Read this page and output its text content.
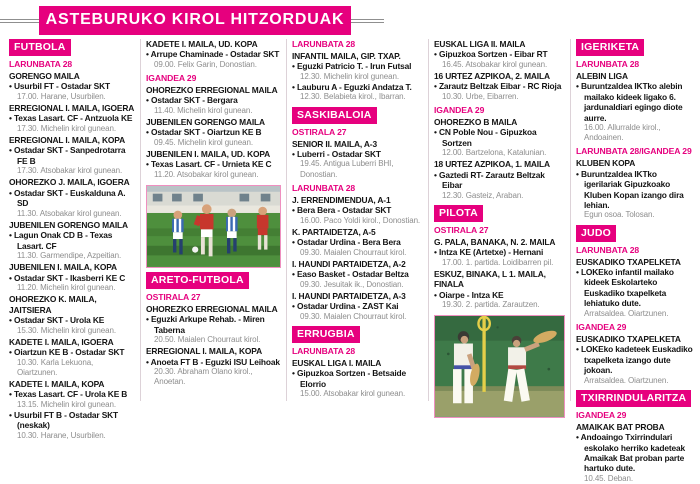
ASTEBURUKO KIROL HITZORDUAK
FUTBOLA
LARUNBATA 28
GORENGO MAILA
• Usurbil FT - Ostadar SKT
17.00. Harane, Usurbilen.
ERREGIONAL I. MAILA, IGOERA
• Texas Lasart. CF - Antzuola KE
17.30. Michelin kirol gunean.
ERREGIONAL I. MAILA, KOPA
• Ostadar SKT - Sanpedrotarra FE B
17.30. Atsobakar kirol gunean.
OHOREZKO J. MAILA, IGOERA
• Ostadar SKT - Euskalduna A. SD
11.30. Atsobakar kirol gunean.
JUBENILEN GORENGO MAILA
• Lagun Onak CD B - Texas Lasart. CF
11.30. Garmendipe, Azpeitian.
JUBENILEN I. MAILA, KOPA
• Ostadar SKT - Ikasberri KE C
11.20. Michelin kirol gunean.
OHOREZKO K. MAILA, JAITSIERA
• Ostadar SKT - Urola KE
15.30. Michelin kirol gunean.
KADETE I. MAILA, IGOERA
• Oiartzun KE B - Ostadar SKT
10.30. Karla Lekuona, Oiartzunen.
KADETE I. MAILA, KOPA
• Texas Lasart. CF - Urola KE B
13.15. Michelin kirol gunean.
• Usurbil FT B - Ostadar SKT (neskak)
10.30. Harane, Usurbilen.
KADETE I. MAILA, UD. KOPA
• Arrupe Chaminade - Ostadar SKT
09.00. Felix Garin, Donostian.
IGANDEA 29
OHOREZKO ERREGIONAL MAILA
• Ostadar SKT - Bergara
11.40. Michelin kirol gunean.
JUBENILEN GORENGO MAILA
• Ostadar SKT - Oiartzun KE B
09.45. Michelin kirol gunean.
JUBENILEN I. MAILA, UD. KOPA
• Texas Lasart. CF - Urnieta KE C
11.20. Atsobakar kirol gunean.
ARETO-FUTBOLA
OSTIRALA 27
OHOREZKO ERREGIONAL MAILA
• Eguzki Arkupe Rehab. - Miren Taberna
20.50. Maialen Chourraut kirol.
ERREGIONAL I. MAILA, KOPA
• Anoeta FT B - Eguzki ISU Leihoak
20.30. Abraham Olano kirol., Anoetan.
LARUNBATA 28
INFANTIL MAILA, GIP. TXAP.
• Eguzki Patricio T. - Irun Futsal
12.30. Michelin kirol gunean.
• Lauburu A - Eguzki Andatza T.
12.30. Belabieta kirol., Ibarran.
SASKIBALOIA
OSTIRALA 27
SENIOR II. MAILA, A-3
• Luberri - Ostadar SKT
19.45. Antigua Luberri BHI, Donostian.
LARUNBATA 28
J. ERRENDIMENDUA, A-1
• Bera Bera - Ostadar SKT
16.00. Paco Yoldi kirol., Donostian.
K. PARTAIDETZA, A-5
• Ostadar Urdina - Bera Bera
09.30. Maialen Chourraut kirol.
I. HAUNDI PARTAIDETZA, A-2
• Easo Basket - Ostadar Beltza
09.30. Jesuitak ik., Donostian.
I. HAUNDI PARTAIDETZA, A-3
• Ostadar Urdina - ZAST Kai
09.30. Maialen Chourraut kirol.
ERRUGBIA
LARUNBATA 28
EUSKAL LIGA I. MAILA
• Gipuzkoa Sortzen - Betsaide Elorrio
15.00. Atsobakar kirol gunean.
EUSKAL LIGA II. MAILA
• Gipuzkoa Sortzen - Eibar RT
16.45. Atsobakar kirol gunean.
16 URTEZ AZPIKOA, 2. MAILA
• Zarautz Beltzak Eibar - RC Rioja
10.30. Urbe, Eibarren.
IGANDEA 29
OHOREZKO B MAILA
• CN Poble Nou - Gipuzkoa Sortzen
12.00. Bartzelona, Katalunian.
18 URTEZ AZPIKOA, 1. MAILA
• Gaztedi RT- Zarautz Beltzak Eibar
12.30. Gasteiz, Araban.
PILOTA
OSTIRALA 27
G. PALA, BANAKA, N. 2. MAILA
• Intza KE (Artetxe) - Hernani
17.00. 1. partida. Loidibarren pil.
ESKUZ, BINAKA, L 1. MAILA, FINALA
• Oiarpe - Intza KE
19.30. 2. partida. Zarautzen.
IGERIKETA
LARUNBATA 28
ALEBIN LIGA
• Buruntzaldea IKTko alebin mailako kideek ligako 6. jardunaldiari egingo diote aurre.
16.00. Allurralde kirol., Andoainen.
LARUNBATA 28/IGANDEA 29
KLUBEN KOPA
• Buruntzaldea IKTko igerilariak Gipuzkoako Kluben Kopan izango dira lehian.
Egun osoa. Tolosan.
JUDO
LARUNBATA 28
EUSKADIKO TXAPELKETA
• LOKEko infantil mailako kideek Eskolarteko Euskadiko txapelketa lehiatuko dute.
Arratsaldea. Oiartzunen.
IGANDEA 29
EUSKADIKO TXAPELKETA
• LOKEko kadeteek Euskadiko txapelketa izango dute jokoan.
Arratsaldea. Oiartzunen.
TXIRRINDULARITZA
IGANDEA 29
AMAIKAK BAT PROBA
• Andoaingo Txirrindulari eskolako herriko kadeteak Amaikak Bat proban parte hartuko dute.
10.45. Deban.
